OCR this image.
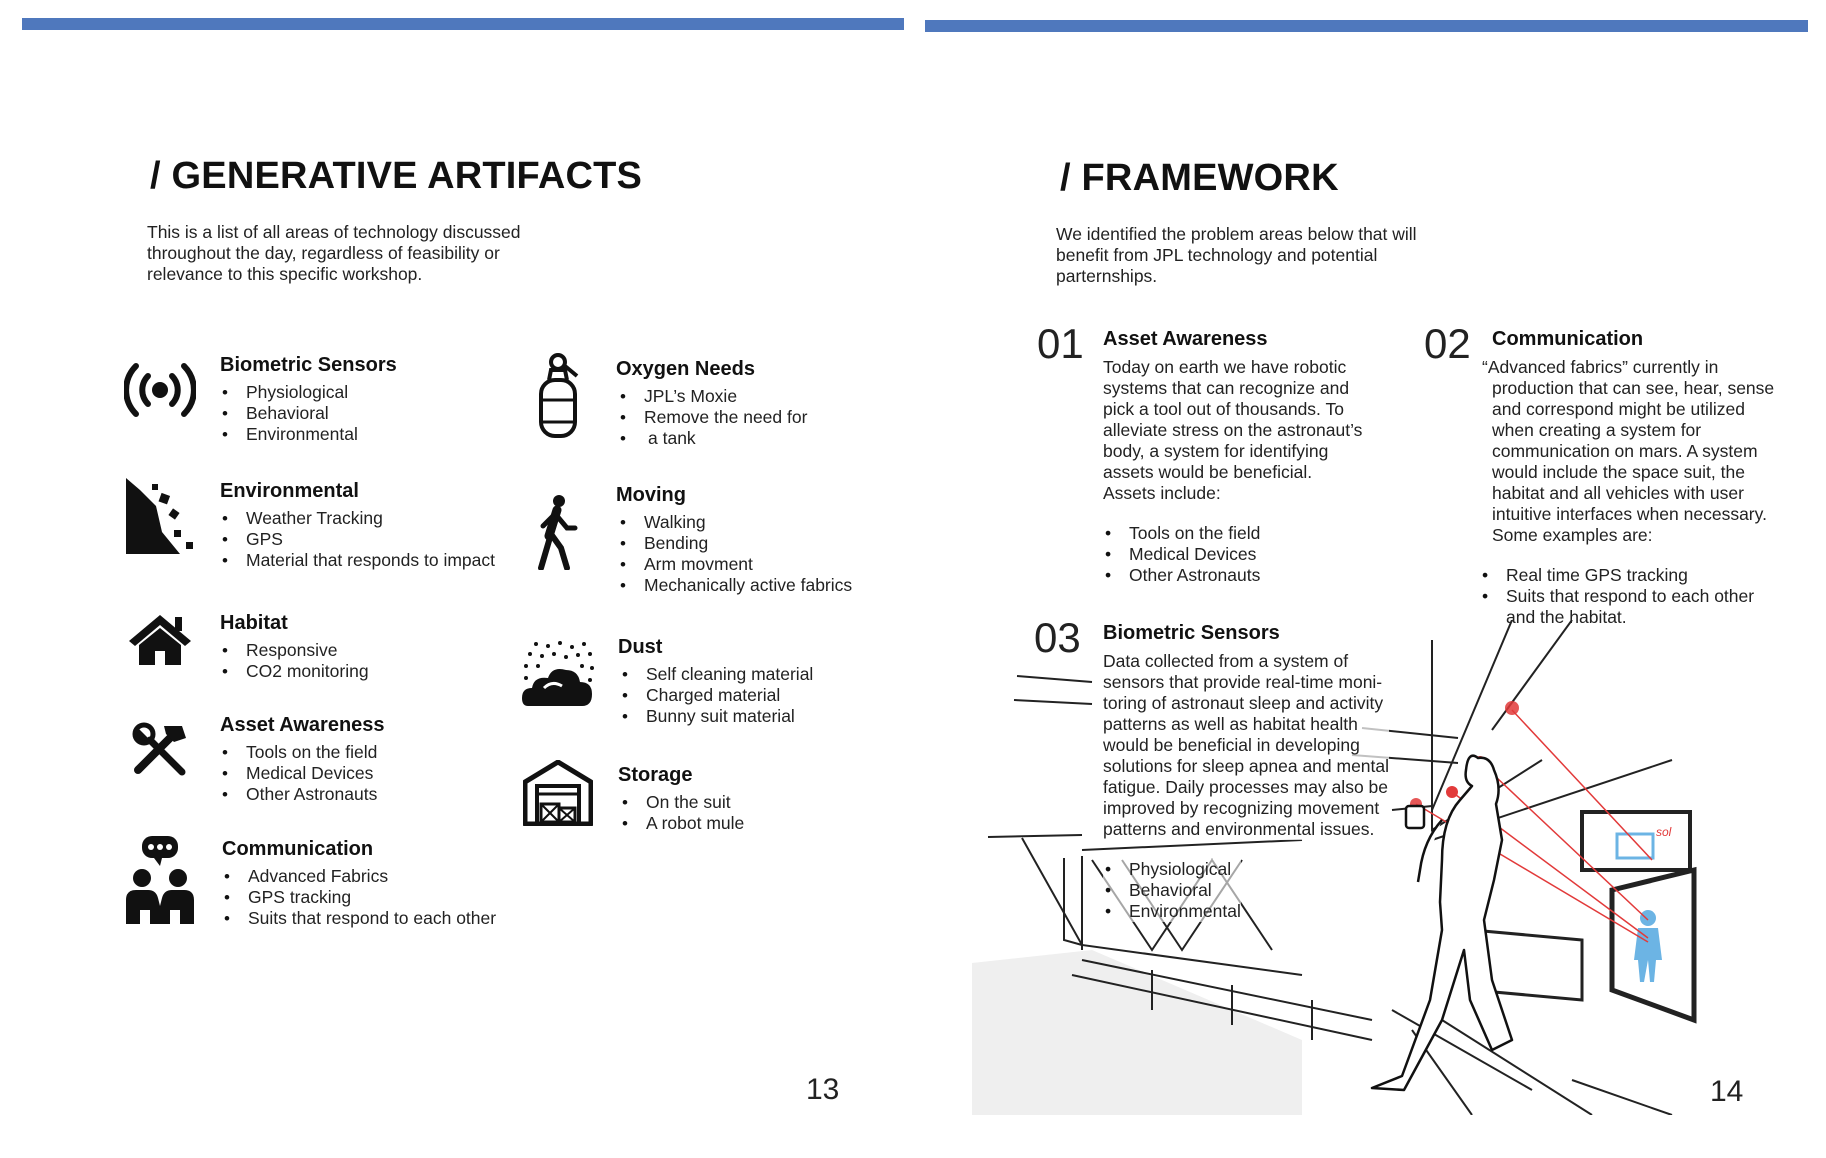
/ GENERATIVE ARTIFACTS
This is a list of all areas of technology discussed throughout the day, regardless of feasibility or relevance to this specific workshop.
Biometric Sensors
• Physiological
• Behavioral
• Environmental
Environmental
• Weather Tracking
• GPS
• Material that responds to impact
Habitat
• Responsive
• CO2 monitoring
Asset Awareness
• Tools on the field
• Medical Devices
• Other Astronauts
Communication
• Advanced Fabrics
• GPS tracking
• Suits that respond to each other
Oxygen Needs
• JPL’s Moxie
• Remove the need for
• a tank
Moving
• Walking
• Bending
• Arm movment
• Mechanically active fabrics
Dust
• Self cleaning material
• Charged material
• Bunny suit material
Storage
• On the suit
• A robot mule
13
sol
/ FRAMEWORK
We identified the problem areas below that will benefit from JPL technology and potential parternships.
01 Asset Awareness
Today on earth we have robotic
systems that can recognize and
pick a tool out of thousands. To
alleviate stress on the astronaut’s
body, a system for identifying
assets would be beneficial.
Assets include:
• Tools on the field
• Medical Devices
• Other Astronauts
02 Communication
“Advanced fabrics” currently in
production that can see, hear, sense
and correspond might be utilized
when creating a system for
communication on mars. A system
would include the space suit, the
habitat and all vehicles with user
intuitive interfaces when necessary.
Some examples are:
• Real time GPS tracking
• Suits that respond to each other
and the habitat.
03 Biometric Sensors
Data collected from a system of
sensors that provide real-time moni-
toring of astronaut sleep and activity
patterns as well as habitat health
would be beneficial in developing
solutions for sleep apnea and mental
fatigue. Daily processes may also be
improved by recognizing movement
patterns and environmental issues.
• Physiological
• Behavioral
• Environmental
14
